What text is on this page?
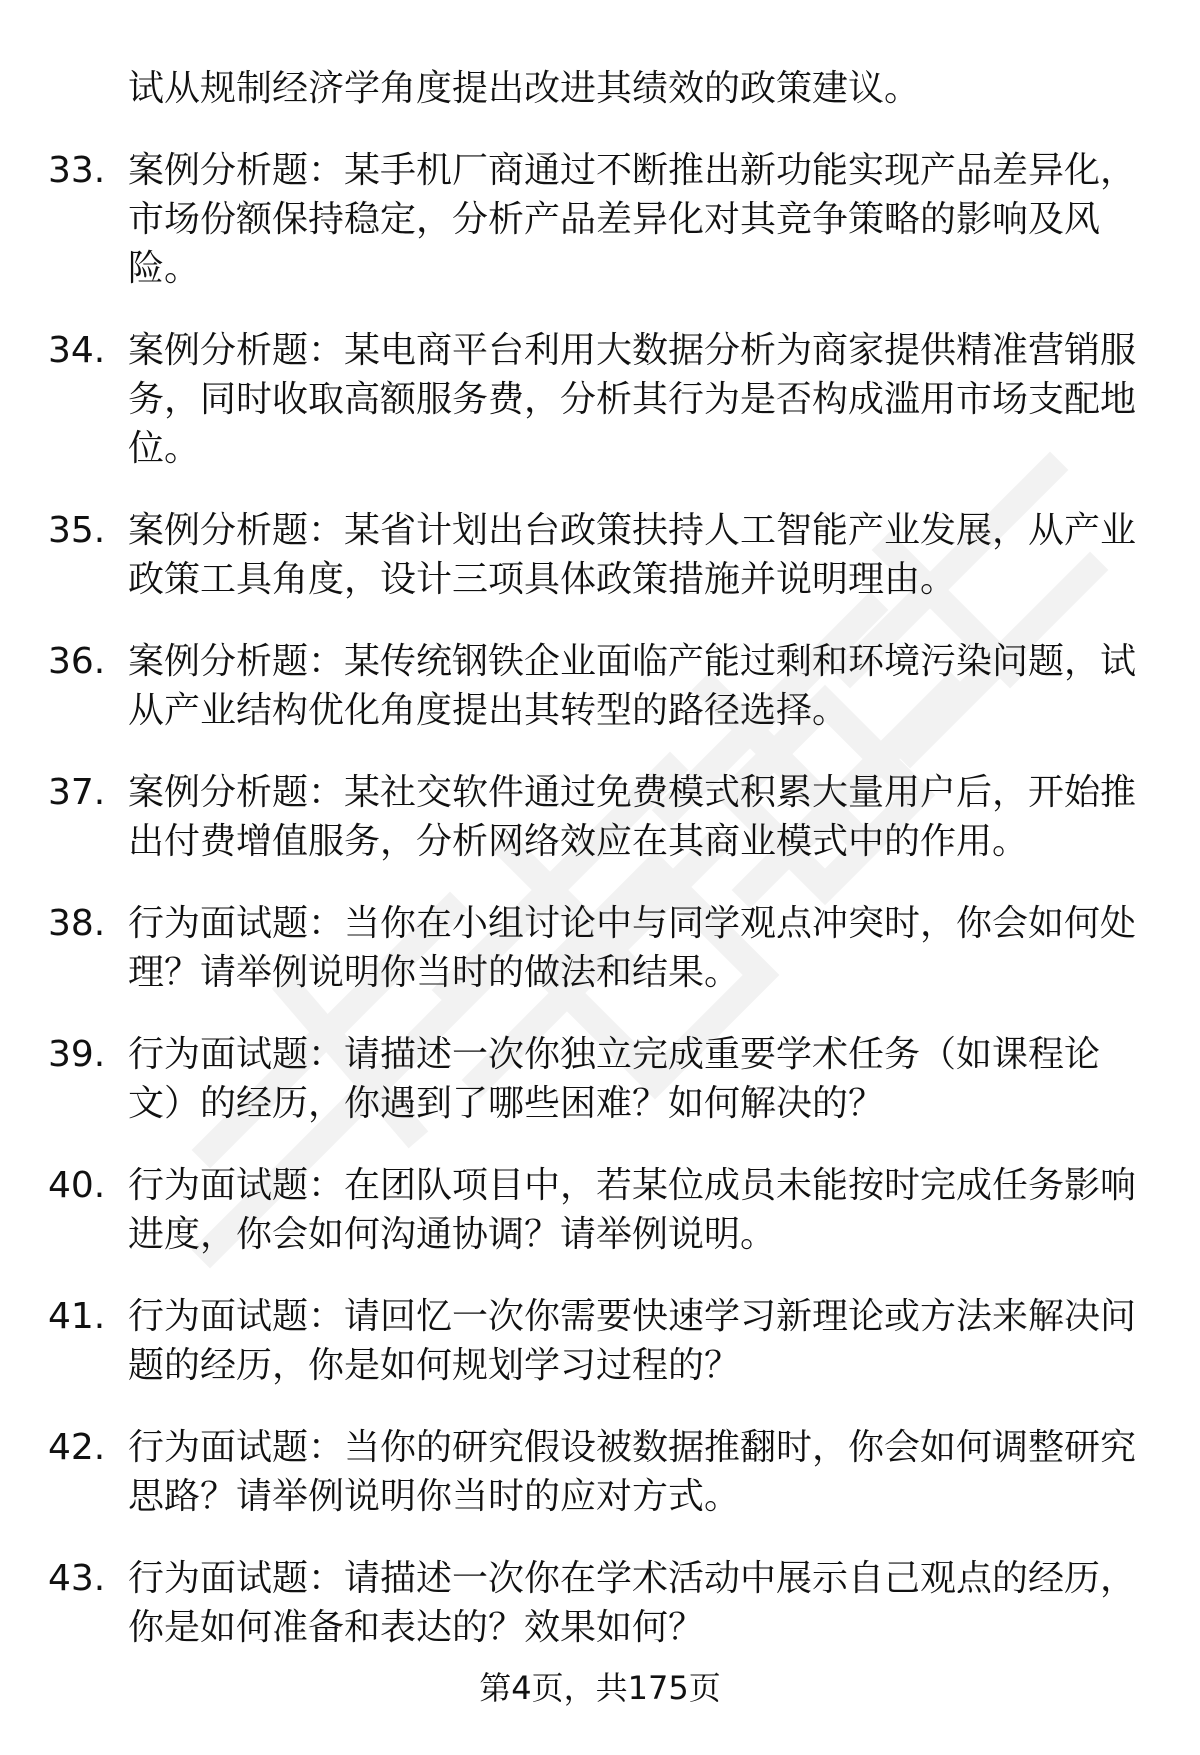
试从规制经济学角度提出改进其绩效的政策建议。
33. 案例分析题：某手机厂商通过不断推出新功能实现产品差异化，市场份额保持稳定，分析产品差异化对其竞争策略的影响及风险。
34. 案例分析题：某电商平台利用大数据分析为商家提供精准营销服务，同时收取高额服务费，分析其行为是否构成滥用市场支配地位。
35. 案例分析题：某省计划出台政策扶持人工智能产业发展，从产业政策工具角度，设计三项具体政策措施并说明理由。
36. 案例分析题：某传统钢铁企业面临产能过剩和环境污染问题，试从产业结构优化角度提出其转型的路径选择。
37. 案例分析题：某社交软件通过免费模式积累大量用户后，开始推出付费增值服务，分析网络效应在其商业模式中的作用。
38. 行为面试题：当你在小组讨论中与同学观点冲突时，你会如何处理？请举例说明你当时的做法和结果。
39. 行为面试题：请描述一次你独立完成重要学术任务（如课程论文）的经历，你遇到了哪些困难？如何解决的？
40. 行为面试题：在团队项目中，若某位成员未能按时完成任务影响进度，你会如何沟通协调？请举例说明。
41. 行为面试题：请回忆一次你需要快速学习新理论或方法来解决问题的经历，你是如何规划学习过程的？
42. 行为面试题：当你的研究假设被数据推翻时，你会如何调整研究思路？请举例说明你当时的应对方式。
43. 行为面试题：请描述一次你在学术活动中展示自己观点的经历，你是如何准备和表达的？效果如何？
第4页，共175页
